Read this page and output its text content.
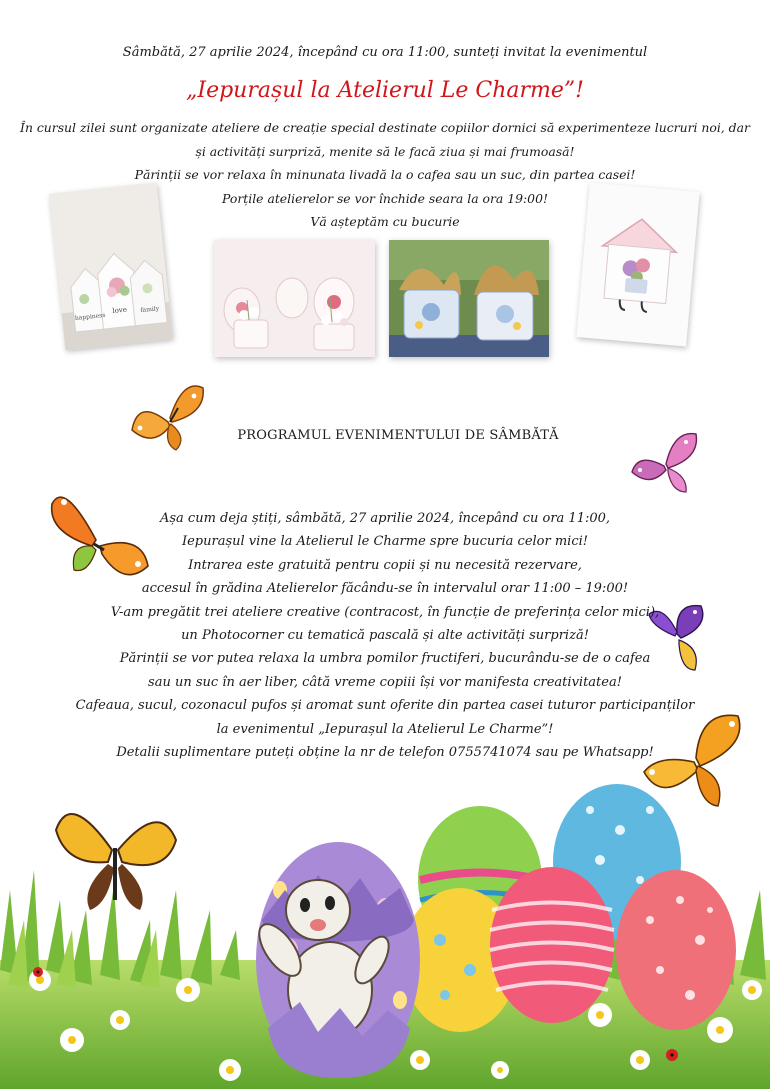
Sâmbătă, 27 aprilie 2024, începând cu ora 11:00, sunteți invitat la evenimentul
„Iepurașul la Atelierul Le Charme”!
În cursul zilei sunt organizate ateliere de creație special destinate copiilor dornici să experimenteze lucruri noi, dar
și activități surpriză, menite să le facă ziua și mai frumoasă!
Părinții se vor relaxa în minunata livadă la o cafea sau un suc, din partea casei!
Porțile atelierelor se vor închide seara la ora 19:00!
Vă așteptăm cu bucurie
happiness
love family
PROGRAMUL EVENIMENTULUI DE SÂMBĂTĂ
Așa cum deja știți, sâmbătă, 27 aprilie 2024, începând cu ora 11:00,
Iepurașul vine la Atelierul le Charme spre bucuria celor mici!
Intrarea este gratuită pentru copii și nu necesită rezervare,
accesul în grădina Atelierelor făcându-se în intervalul orar 11:00 – 19:00!
V-am pregătit trei ateliere creative (contracost, în funcție de preferința celor mici),
un Photocorner cu tematică pascală și alte activități surpriză!
Părinții se vor putea relaxa la umbra pomilor fructiferi, bucurându-se de o cafea
sau un suc în aer liber, câtă vreme copiii își vor manifesta creativitatea!
Cafeaua, sucul, cozonacul pufos și aromat sunt oferite din partea casei tuturor participanților
la evenimentul „Iepurașul la Atelierul Le Charme”!
Detalii suplimentare puteți obține la nr de telefon 0755741074 sau pe Whatsapp!
